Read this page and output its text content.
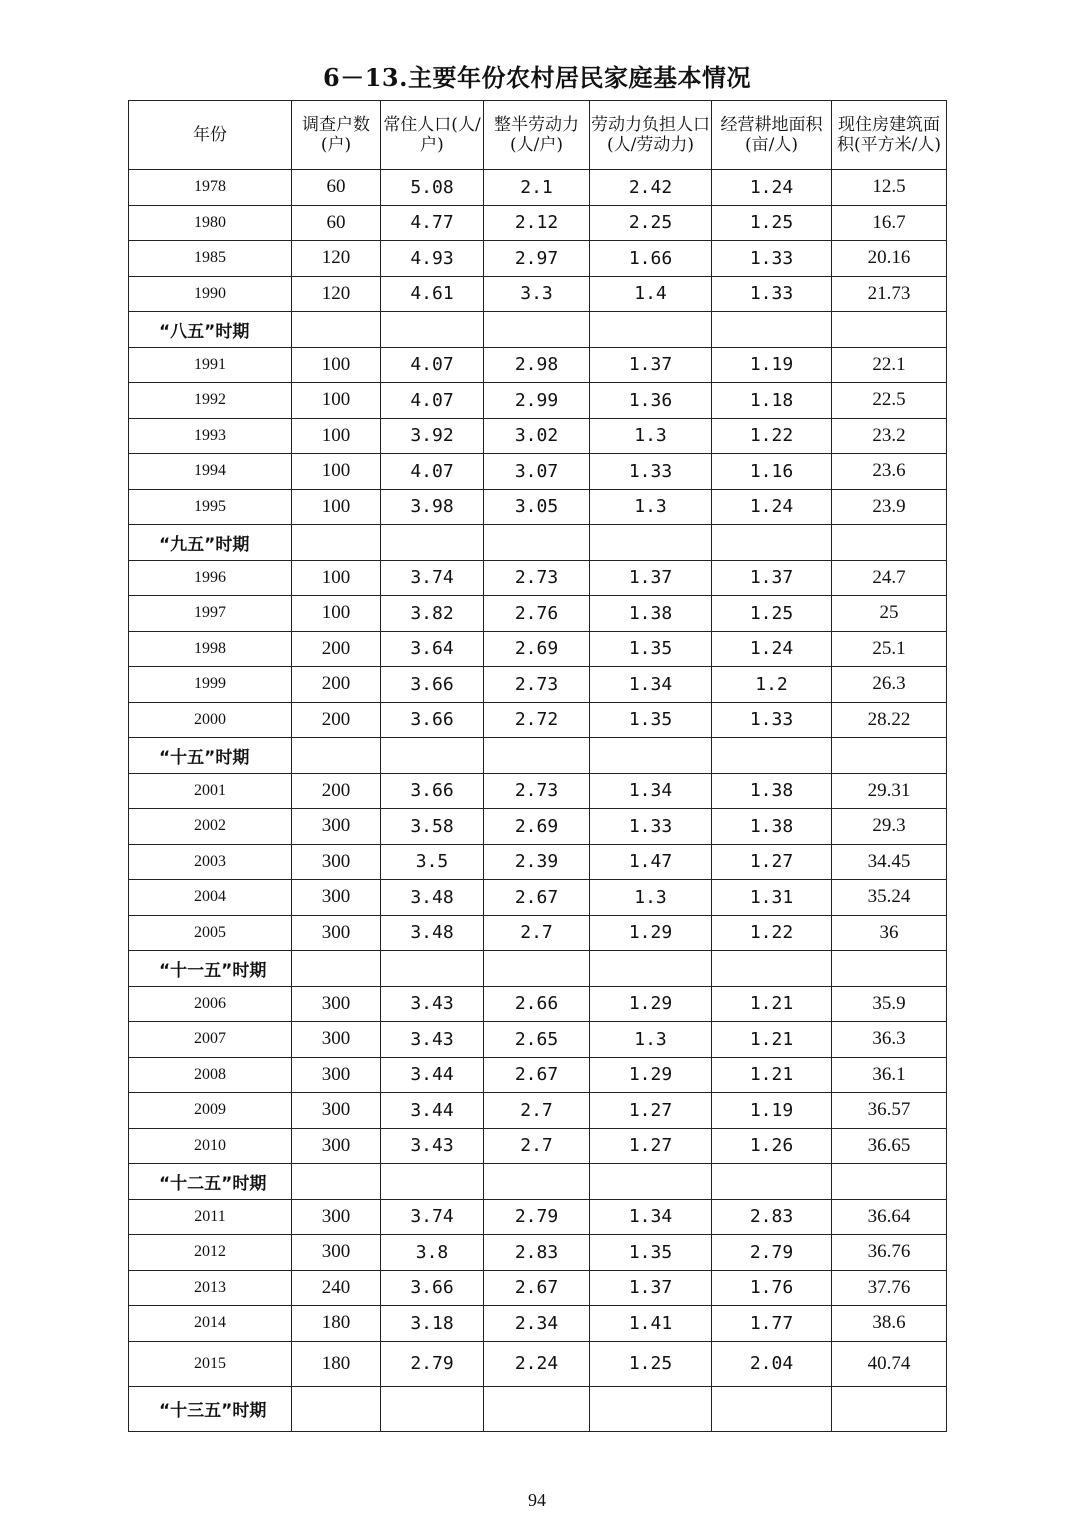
6－13.主要年份农村居民家庭基本情况
年份	调查户数(户)	常住人口(人/户)	整半劳动力(人/户)	劳动力负担人口(人/劳动力)	经营耕地面积(亩/人)	现住房建筑面积(平方米/人)
1978	60	5.08	2.1	2.42	1.24	12.5
1980	60	4.77	2.12	2.25	1.25	16.7
1985	120	4.93	2.97	1.66	1.33	20.16
1990	120	4.61	3.3	1.4	1.33	21.73
“八五”时期						
1991	100	4.07	2.98	1.37	1.19	22.1
1992	100	4.07	2.99	1.36	1.18	22.5
1993	100	3.92	3.02	1.3	1.22	23.2
1994	100	4.07	3.07	1.33	1.16	23.6
1995	100	3.98	3.05	1.3	1.24	23.9
“九五”时期						
1996	100	3.74	2.73	1.37	1.37	24.7
1997	100	3.82	2.76	1.38	1.25	25
1998	200	3.64	2.69	1.35	1.24	25.1
1999	200	3.66	2.73	1.34	1.2	26.3
2000	200	3.66	2.72	1.35	1.33	28.22
“十五”时期						
2001	200	3.66	2.73	1.34	1.38	29.31
2002	300	3.58	2.69	1.33	1.38	29.3
2003	300	3.5	2.39	1.47	1.27	34.45
2004	300	3.48	2.67	1.3	1.31	35.24
2005	300	3.48	2.7	1.29	1.22	36
“十一五”时期						
2006	300	3.43	2.66	1.29	1.21	35.9
2007	300	3.43	2.65	1.3	1.21	36.3
2008	300	3.44	2.67	1.29	1.21	36.1
2009	300	3.44	2.7	1.27	1.19	36.57
2010	300	3.43	2.7	1.27	1.26	36.65
“十二五”时期						
2011	300	3.74	2.79	1.34	2.83	36.64
2012	300	3.8	2.83	1.35	2.79	36.76
2013	240	3.66	2.67	1.37	1.76	37.76
2014	180	3.18	2.34	1.41	1.77	38.6
2015	180	2.79	2.24	1.25	2.04	40.74
“十三五”时期						
94
